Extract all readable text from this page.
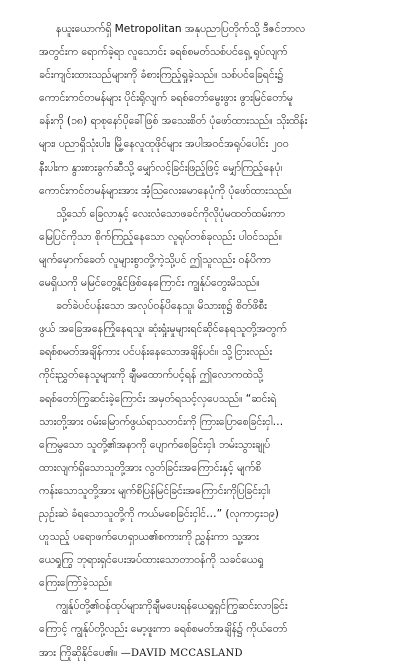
နယူးယောက်ရှိ Metropolitan အနုပညာပြတိုက်သို့ ဒီဇင်ဘာလ
အတွင်းက ရောက်ခဲ့ရာ လူသောင်း ခရစ်စမတ်သစ်ပင်ရှေ့ ရုပ်လျက်
ခင်းကျင်းထားသည်များကို ခံစားကြည့်ရှုခဲ့သည်။ သစ်ပင်ခြေရင်း၌
ကောင်းကင်တမန်များ ပိုင်းရိုလျက် ခရစ်တော်မွေးဖွား ဖွားမြင်တော်မူ
ခန်းကို (၁၈) ရာစုနော်ပိုခေါ်ဖြစ် အသေးစိတ် ပုံဖော်ထားသည်။ သိုးထိန်း
များ၊ ပညာရှိသုံးပါး၊ မြို့နေလူထုဖိုင်များ အပါအဝင်အရုပ်ပေါင်း ၂၀၀
နီးပါးက နွားစားခွက်ဆီသို့ မျှော်လင့်ခြင်းဖြည့်ဖြင့် မျှော်ကြည့်နေပုံ၊
ကောင်းကင်တမန်များအား အံ့သြလေးမောနေပုံကို ပုံဖော်ထားသည်။
သို့သော် ခြေလာနှင့် လေးလံသောဖခင်ကိုလိုပုံမထတ်ထမ်းကာ
မြေပြင်ကိုသာ စိုက်ကြည့်နေသော လူရုပ်တစ်ခုလည်း ပါဝင်သည်။
မျက်မှောက်ခေတ် လူများစွာတို့ကဲ့သို့ပင် ဤသူလည်း ဝန်ပိကာ
မေရှိယကို မမြင်တွေ့နိုင်ဖြစ်နေကြောင်း ကျွန်ုပ်တွေးမိသည်။
ခတ်ခဲပင်ပန်းသော အလုပ်ဝန်ပိနေသူ၊ မိသားစု၌ စိတ်ဖိစီး
ဖွယ် အခြေအနေကြုံနေရသူ၊ ဆုံးရှုံးမှုများရင်ဆိုင်နေရသူတို့အတွက်
ခရစ်စမတ်အချိန်ကား ပင်ပန်းနေသောအချိန်ပင်။ သို့ငြားလည်း
ကိုင်းညွှတ်နေသူများကို ချီမထောက်ပင့်ရန် ဤလောကထဲသို့
ခရစ်တော်ကြွဆင်းခဲ့ကြောင်း အမှတ်ရသင့်လှပေသည်။ “ဆင်းရဲ
သားတို့အား ဝမ်းမြောက်ဖွယ်ရာသတင်းကို ကြားပြောစေခြင်းငှါ…
ကြေမွသော သူတို့၏အနာကို ပျောက်စေခြင်းငှါ၊ ဘမ်းသွားချုပ်
ထားလျက်ရှိသောသူတို့အား လွတ်ခြင်းအကြောင်းနှင့် မျက်စိ
ကန်းသောသူတို့အား မျက်စိပြန်မြင်ခြင်းအကြောင်းကိုပြခြင်းငှါ၊
ညှဉ်းဆဲ ခံရသောသူတို့ကို ကယ်မစေခြင်းငှါင်…” (လုကာ၄း၁၉)
ဟူသည့် ပရောဖက်ဟေရှာယ၏စကားကို ညွှန်းကာ သူ့အား
ယေရှုကြွ ဘုရားရှင်ပေးအပ်ထားသောတာဝန်ကို သခင်ယေရှု
ကြေးကြော်ခဲ့သည်။
ကျွန်ုပ်တို့၏ဝန်ထုပ်များကိုချီမပေးရန်ယေရှုရှင်ကြွဆင်းလာခြင်း
ကြောင့် ကျွန်ုပ်တို့လည်း မော့ဖူးကာ ခရစ်စမတ်အချိန်၌ ကိုယ်တော်
အား ကြိုဆိုနိုင်ပေ၏။ —DAVID MCCASLAND
